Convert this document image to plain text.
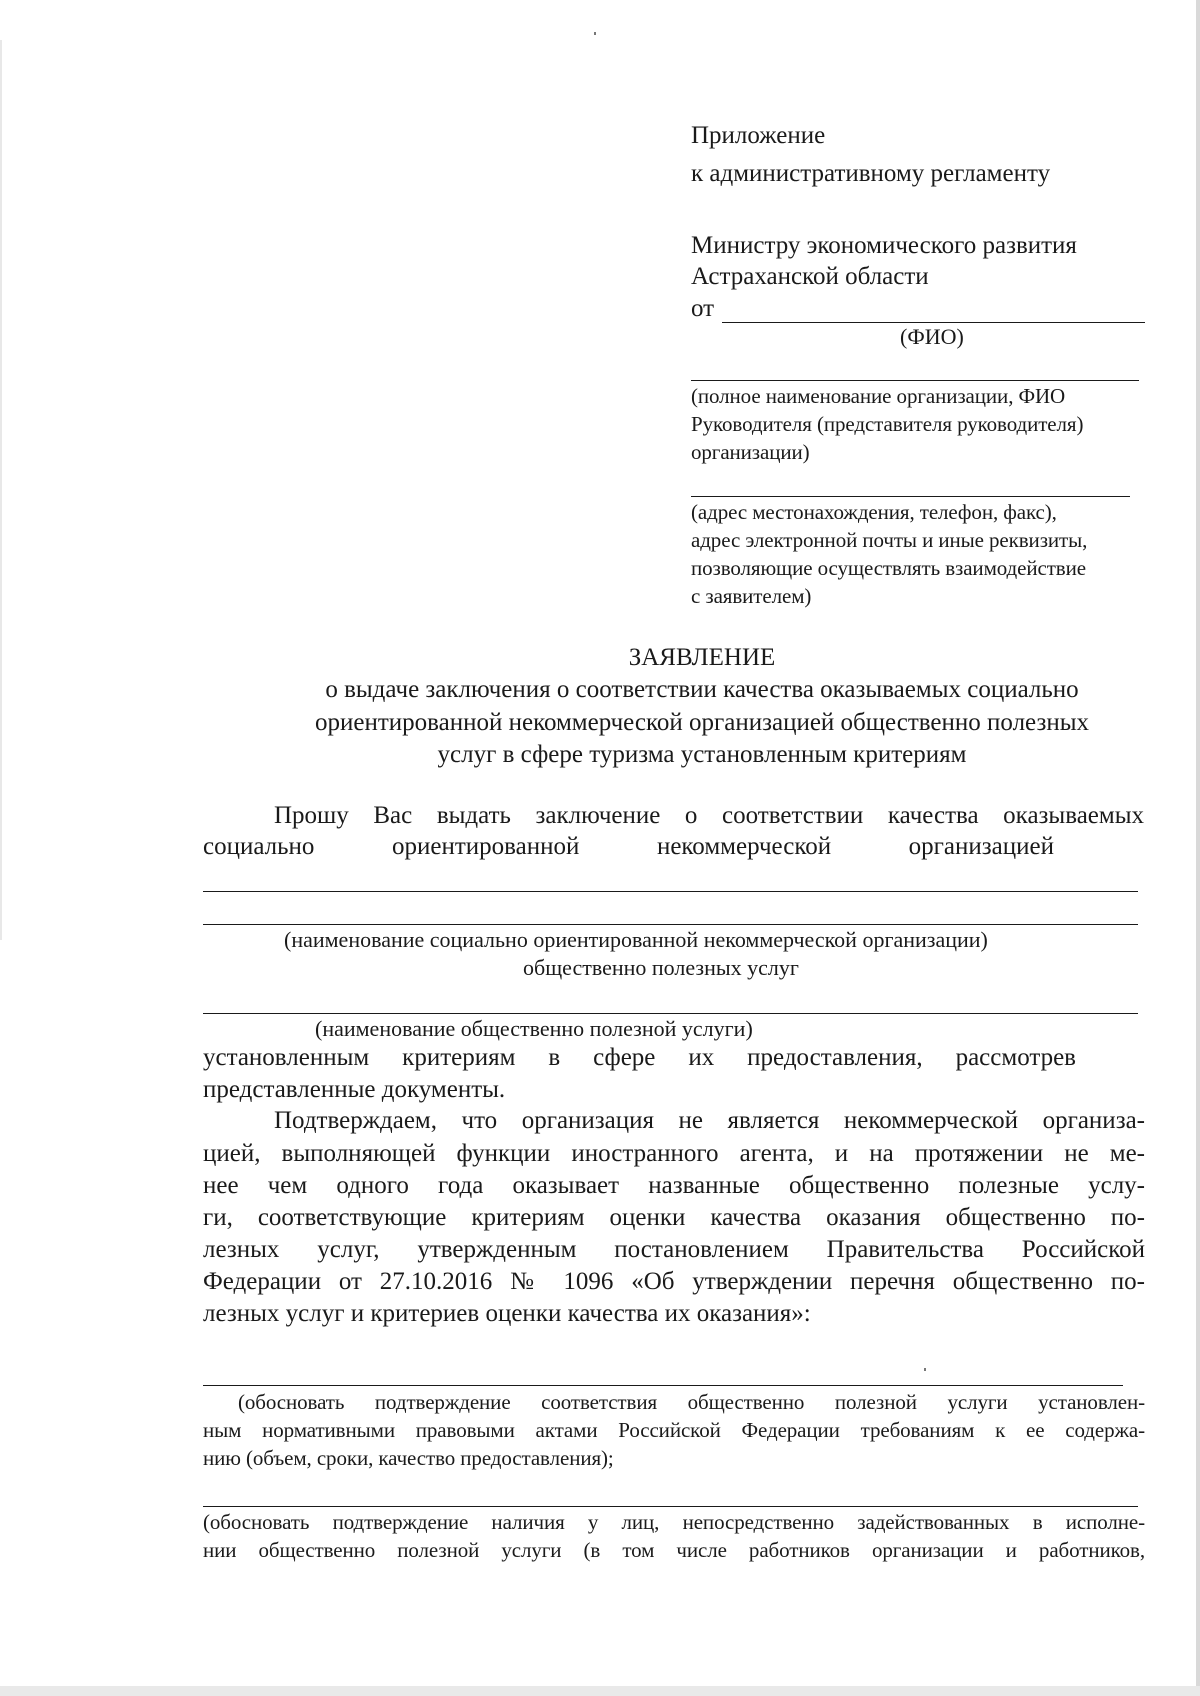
Приложение
к административному регламенту
Министру экономического развития
Астраханской области
от
(ФИО)
(полное наименование организации, ФИО
Руководителя (представителя руководителя)
организации)
(адрес местонахождения, телефон, факс),
адрес электронной почты и иные реквизиты,
позволяющие осуществлять взаимодействие
с заявителем)
ЗАЯВЛЕНИЕ
о выдаче заключения о соответствии качества оказываемых социально
ориентированной некоммерческой организацией общественно полезных
услуг в сфере туризма установленным критериям
Прошу Вас выдать заключение о соответствии качества оказываемых
социально ориентированной некоммерческой организацией
(наименование социально ориентированной некоммерческой организации)
общественно полезных услуг
(наименование общественно полезной услуги)
установленным критериям в сфере их предоставления, рассмотрев
представленные документы.
Подтверждаем, что организация не является некоммерческой организа-
цией, выполняющей функции иностранного агента, и на протяжении не ме-
нее чем одного года оказывает названные общественно полезные услу-
ги, соответствующие критериям оценки качества оказания общественно по-
лезных услуг, утвержденным постановлением Правительства Российской
Федерации от 27.10.2016 № 1096 «Об утверждении перечня общественно по-
лезных услуг и критериев оценки качества их оказания»:
(обосновать подтверждение соответствия общественно полезной услуги установлен-
ным нормативными правовыми актами Российской Федерации требованиям к ее содержа-
нию (объем, сроки, качество предоставления);
(обосновать подтверждение наличия у лиц, непосредственно задействованных в исполне-
нии общественно полезной услуги (в том числе работников организации и работников,
